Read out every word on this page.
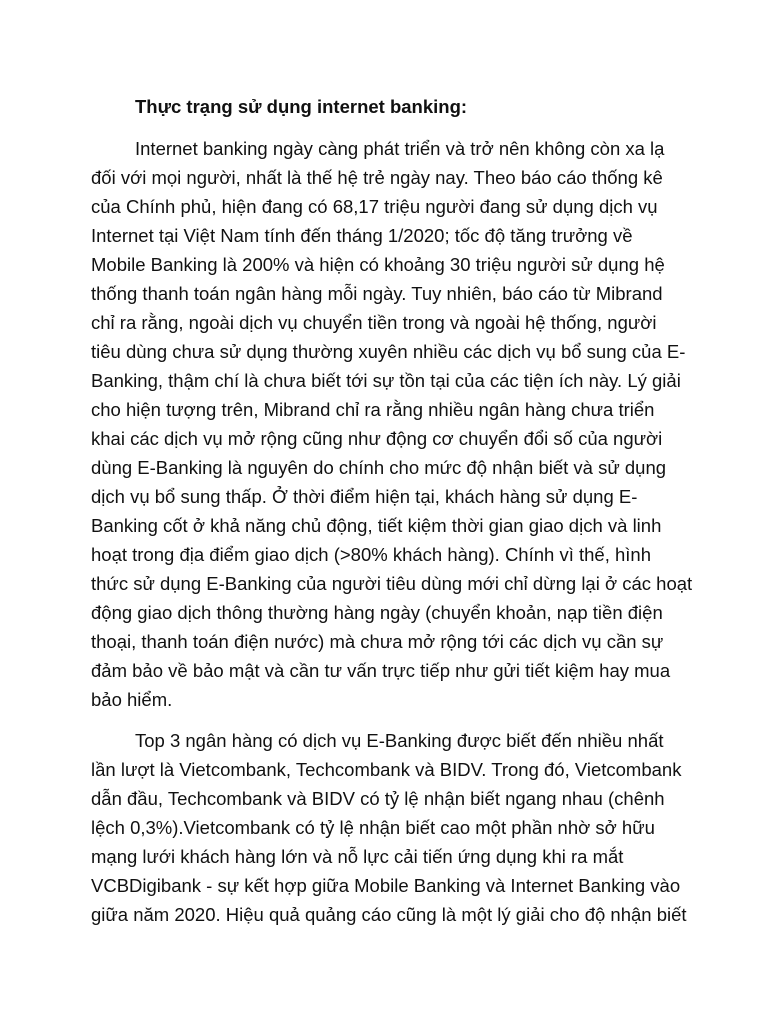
Thực trạng sử dụng internet banking:
Internet banking ngày càng phát triển và trở nên không còn xa lạ
đối với mọi người, nhất là thế hệ trẻ ngày nay. Theo báo cáo thống kê
của Chính phủ, hiện đang có 68,17 triệu người đang sử dụng dịch vụ
Internet tại Việt Nam tính đến tháng 1/2020; tốc độ tăng trưởng về
Mobile Banking là 200% và hiện có khoảng 30 triệu người sử dụng hệ
thống thanh toán ngân hàng mỗi ngày. Tuy nhiên, báo cáo từ Mibrand
chỉ ra rằng, ngoài dịch vụ chuyển tiền trong và ngoài hệ thống, người
tiêu dùng chưa sử dụng thường xuyên nhiều các dịch vụ bổ sung của E-
Banking, thậm chí là chưa biết tới sự tồn tại của các tiện ích này. Lý giải
cho hiện tượng trên, Mibrand chỉ ra rằng nhiều ngân hàng chưa triển
khai các dịch vụ mở rộng cũng như động cơ chuyển đổi số của người
dùng E-Banking là nguyên do chính cho mức độ nhận biết và sử dụng
dịch vụ bổ sung thấp. Ở thời điểm hiện tại, khách hàng sử dụng E-
Banking cốt ở khả năng chủ động, tiết kiệm thời gian giao dịch và linh
hoạt trong địa điểm giao dịch (>80% khách hàng). Chính vì thế, hình
thức sử dụng E-Banking của người tiêu dùng mới chỉ dừng lại ở các hoạt
động giao dịch thông thường hàng ngày (chuyển khoản, nạp tiền điện
thoại, thanh toán điện nước) mà chưa mở rộng tới các dịch vụ cần sự
đảm bảo về bảo mật và cần tư vấn trực tiếp như gửi tiết kiệm hay mua
bảo hiểm.
Top 3 ngân hàng có dịch vụ E-Banking được biết đến nhiều nhất
lần lượt là Vietcombank, Techcombank và BIDV. Trong đó, Vietcombank
dẫn đầu, Techcombank và BIDV có tỷ lệ nhận biết ngang nhau (chênh
lệch 0,3%).Vietcombank có tỷ lệ nhận biết cao một phần nhờ sở hữu
mạng lưới khách hàng lớn và nỗ lực cải tiến ứng dụng khi ra mắt
VCBDigibank - sự kết hợp giữa Mobile Banking và Internet Banking vào
giữa năm 2020. Hiệu quả quảng cáo cũng là một lý giải cho độ nhận biết
